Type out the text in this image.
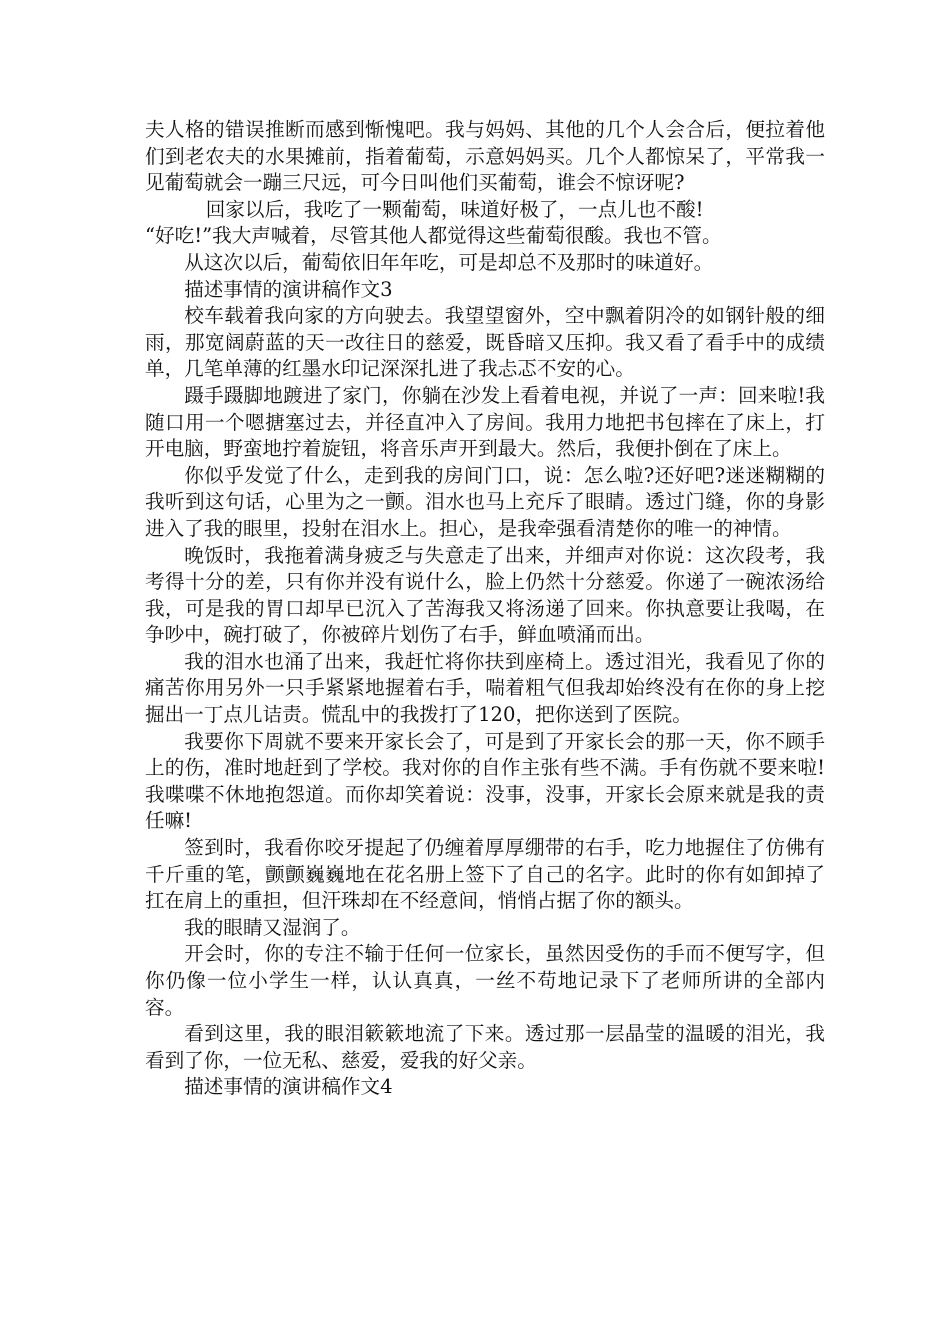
夫人格的错误推断而感到惭愧吧。我与妈妈、其他的几个人会合后，便拉着他们到老农夫的水果摊前，指着葡萄，示意妈妈买。几个人都惊呆了，平常我一见葡萄就会一蹦三尺远，可今日叫他们买葡萄，谁会不惊讶呢?

回家以后，我吃了一颗葡萄，味道好极了，一点儿也不酸!

“好吃!”我大声喊着，尽管其他人都觉得这些葡萄很酸。我也不管。

从这次以后，葡萄依旧年年吃，可是却总不及那时的味道好。

描述事情的演讲稿作文3

校车载着我向家的方向驶去。我望望窗外，空中飘着阴冷的如钢针般的细雨，那宽阔蔚蓝的天一改往日的慈爱，既昏暗又压抑。我又看了看手中的成绩单，几笔单薄的红墨水印记深深扎进了我忐忑不安的心。

蹑手蹑脚地踱进了家门，你躺在沙发上看着电视，并说了一声：回来啦!我随口用一个嗯搪塞过去，并径直冲入了房间。我用力地把书包摔在了床上，打开电脑，野蛮地拧着旋钮，将音乐声开到最大。然后，我便扑倒在了床上。

你似乎发觉了什么，走到我的房间门口，说：怎么啦?还好吧?迷迷糊糊的我听到这句话，心里为之一颤。泪水也马上充斥了眼睛。透过门缝，你的身影进入了我的眼里，投射在泪水上。担心，是我牵强看清楚你的唯一的神情。

晚饭时，我拖着满身疲乏与失意走了出来，并细声对你说：这次段考，我考得十分的差，只有你并没有说什么，脸上仍然十分慈爱。你递了一碗浓汤给我，可是我的胃口却早已沉入了苦海我又将汤递了回来。你执意要让我喝，在争吵中，碗打破了，你被碎片划伤了右手，鲜血喷涌而出。

我的泪水也涌了出来，我赶忙将你扶到座椅上。透过泪光，我看见了你的痛苦你用另外一只手紧紧地握着右手，喘着粗气但我却始终没有在你的身上挖掘出一丁点儿诘责。慌乱中的我拨打了120，把你送到了医院。

我要你下周就不要来开家长会了，可是到了开家长会的那一天，你不顾手上的伤，准时地赶到了学校。我对你的自作主张有些不满。手有伤就不要来啦!我喋喋不休地抱怨道。而你却笑着说：没事，没事，开家长会原来就是我的责任嘛!

签到时，我看你咬牙提起了仍缠着厚厚绷带的右手，吃力地握住了仿佛有千斤重的笔，颤颤巍巍地在花名册上签下了自己的名字。此时的你有如卸掉了扛在肩上的重担，但汗珠却在不经意间，悄悄占据了你的额头。

我的眼睛又湿润了。

开会时，你的专注不输于任何一位家长，虽然因受伤的手而不便写字，但你仍像一位小学生一样，认认真真，一丝不苟地记录下了老师所讲的全部内容。

看到这里，我的眼泪簌簌地流了下来。透过那一层晶莹的温暖的泪光，我看到了你，一位无私、慈爱，爱我的好父亲。

描述事情的演讲稿作文4
